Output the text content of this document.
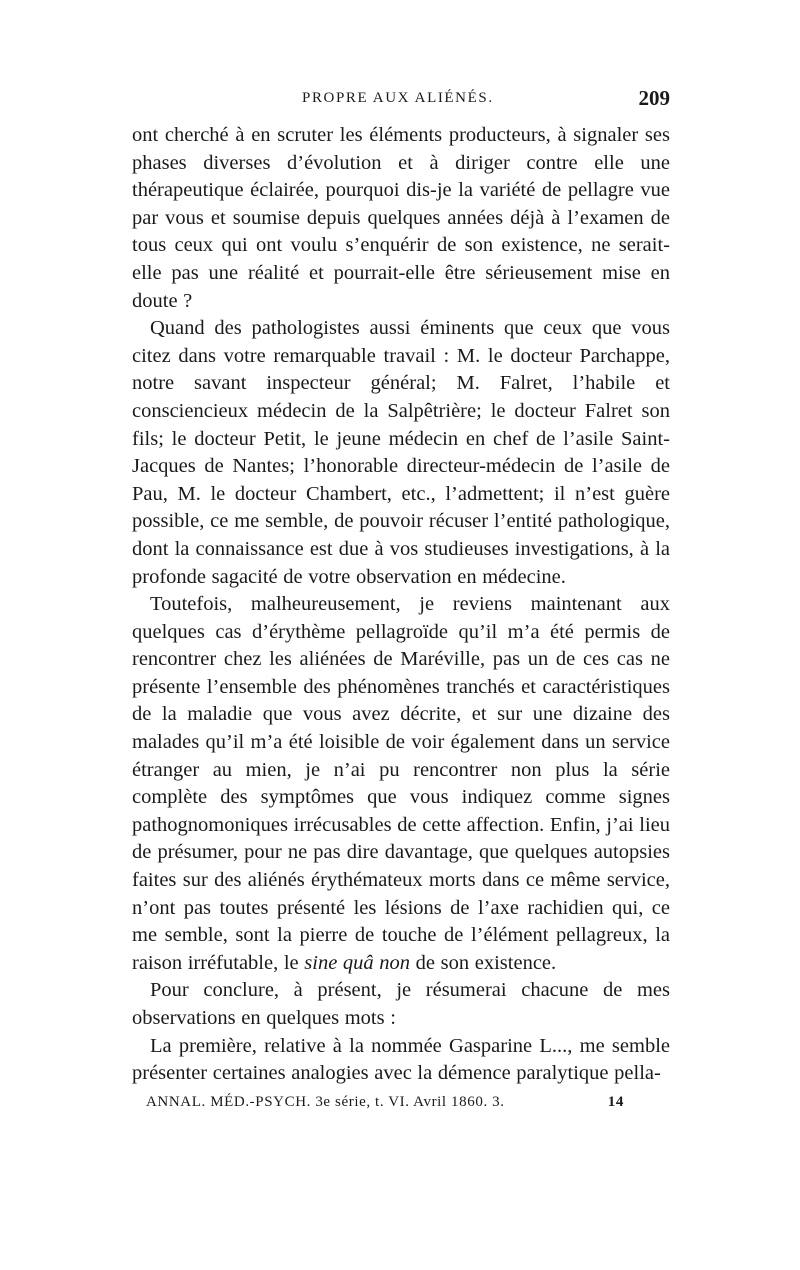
PROPRE AUX ALIÉNÉS.	209

ont cherché à en scruter les éléments producteurs, à signaler ses phases diverses d’évolution et à diriger contre elle une thérapeutique éclairée, pourquoi dis-je la variété de pellagre vue par vous et soumise depuis quelques années déjà à l’examen de tous ceux qui ont voulu s’enquérir de son existence, ne serait-elle pas une réalité et pourrait-elle être sérieusement mise en doute ?

Quand des pathologistes aussi éminents que ceux que vous citez dans votre remarquable travail : M. le docteur Parchappe, notre savant inspecteur général; M. Falret, l’habile et consciencieux médecin de la Salpêtrière; le docteur Falret son fils; le docteur Petit, le jeune médecin en chef de l’asile Saint-Jacques de Nantes; l’honorable directeur-médecin de l’asile de Pau, M. le docteur Chambert, etc., l’admettent; il n’est guère possible, ce me semble, de pouvoir récuser l’entité pathologique, dont la connaissance est due à vos studieuses investigations, à la profonde sagacité de votre observation en médecine.

Toutefois, malheureusement, je reviens maintenant aux quelques cas d’érythème pellagroïde qu’il m’a été permis de rencontrer chez les aliénées de Maréville, pas un de ces cas ne présente l’ensemble des phénomènes tranchés et caractéristiques de la maladie que vous avez décrite, et sur une dizaine des malades qu’il m’a été loisible de voir également dans un service étranger au mien, je n’ai pu rencontrer non plus la série complète des symptômes que vous indiquez comme signes pathognomoniques irrécusables de cette affection. Enfin, j’ai lieu de présumer, pour ne pas dire davantage, que quelques autopsies faites sur des aliénés érythémateux morts dans ce même service, n’ont pas toutes présenté les lésions de l’axe rachidien qui, ce me semble, sont la pierre de touche de l’élément pellagreux, la raison irréfutable, le sine quâ non de son existence.

Pour conclure, à présent, je résumerai chacune de mes observations en quelques mots :

La première, relative à la nommée Gasparine L..., me semble présenter certaines analogies avec la démence paralytique pella-

ANNAL. MÉD.-PSYCH. 3e série, t. VI. Avril 1860. 3.	14
